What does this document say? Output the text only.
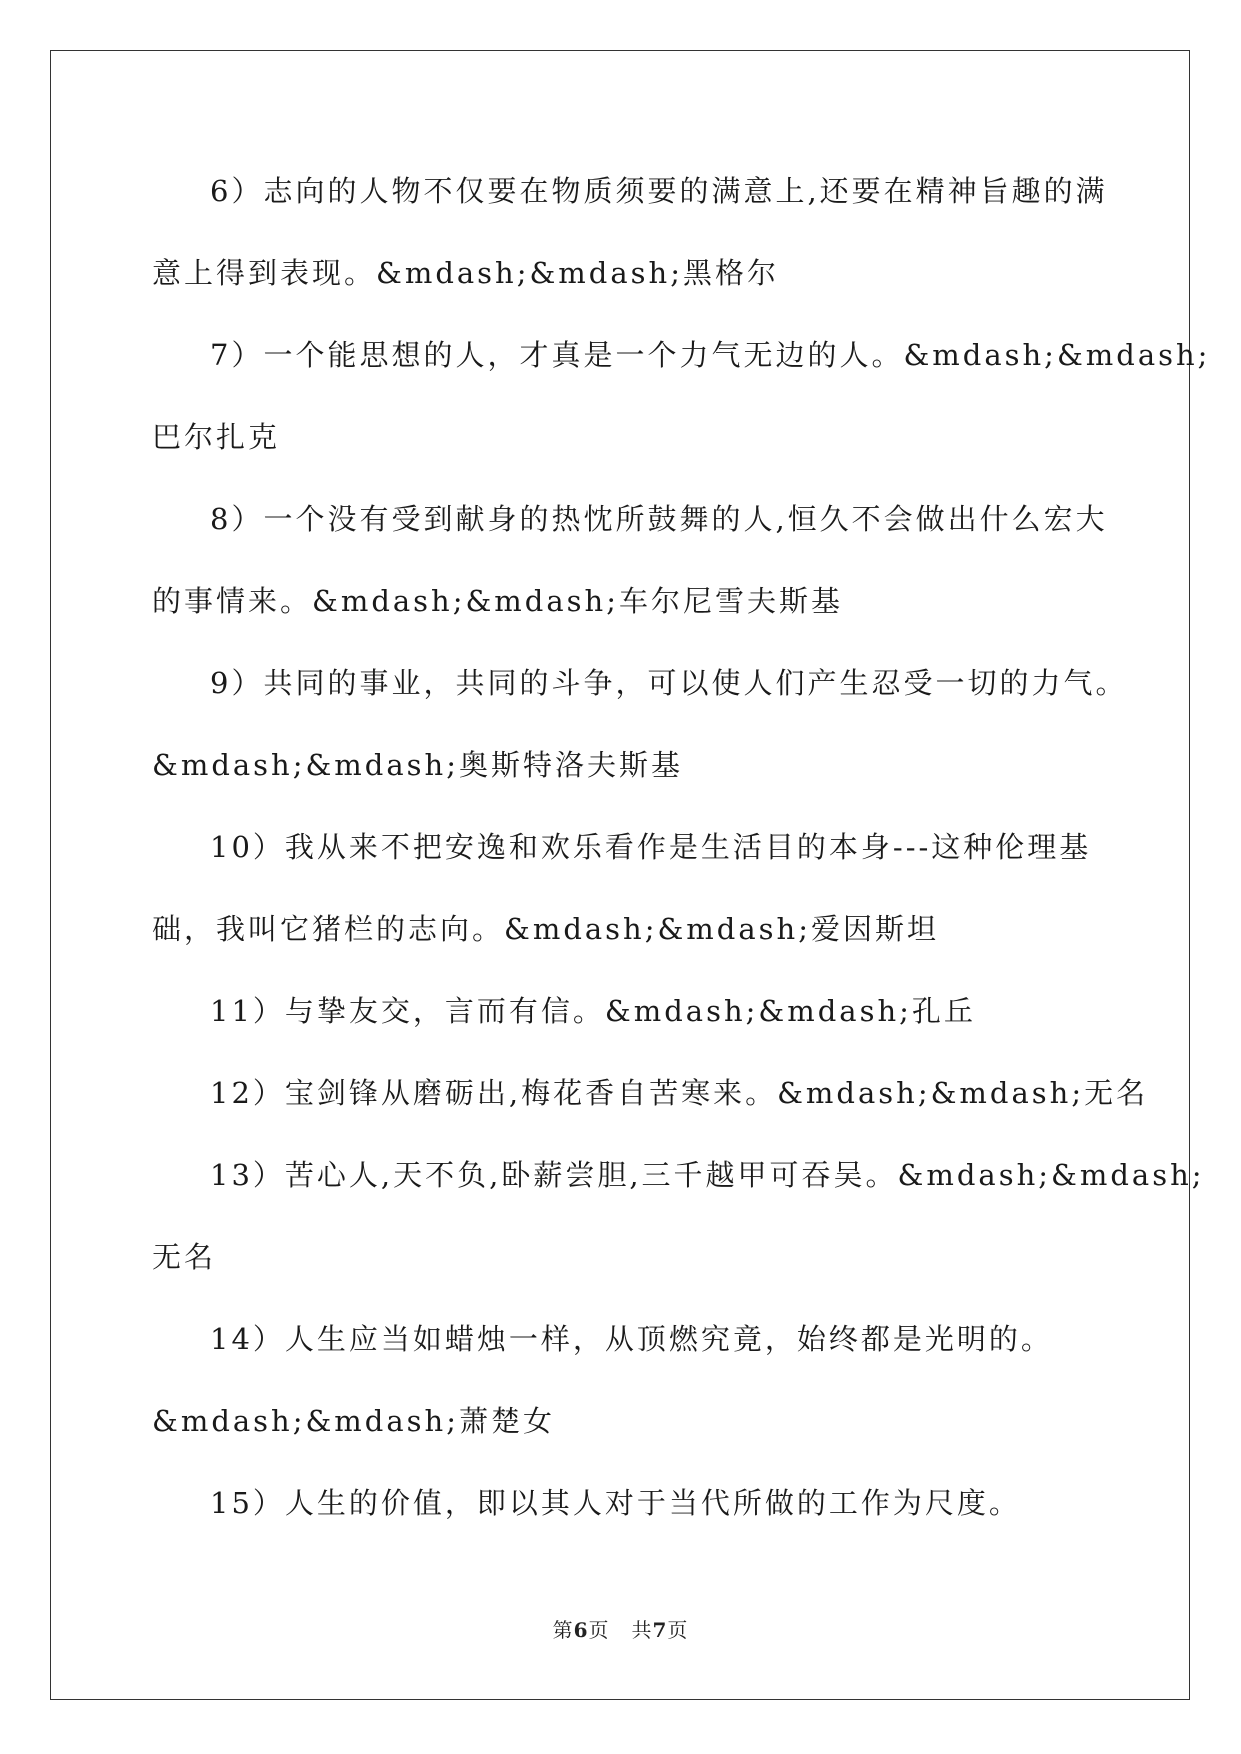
6）志向的人物不仅要在物质须要的满意上,还要在精神旨趣的满

意上得到表现。&mdash;&mdash;黑格尔

7）一个能思想的人，才真是一个力气无边的人。&mdash;&mdash;

巴尔扎克

8）一个没有受到献身的热忱所鼓舞的人,恒久不会做出什么宏大

的事情来。&mdash;&mdash;车尔尼雪夫斯基

9）共同的事业，共同的斗争，可以使人们产生忍受一切的力气。

&mdash;&mdash;奥斯特洛夫斯基

10）我从来不把安逸和欢乐看作是生活目的本身---这种伦理基

础，我叫它猪栏的志向。&mdash;&mdash;爱因斯坦

11）与挚友交，言而有信。&mdash;&mdash;孔丘

12）宝剑锋从磨砺出,梅花香自苦寒来。&mdash;&mdash;无名

13）苦心人,天不负,卧薪尝胆,三千越甲可吞吴。&mdash;&mdash;

无名

14）人生应当如蜡烛一样，从顶燃究竟，始终都是光明的。

&mdash;&mdash;萧楚女

15）人生的价值，即以其人对于当代所做的工作为尺度。

第6页 共7页
